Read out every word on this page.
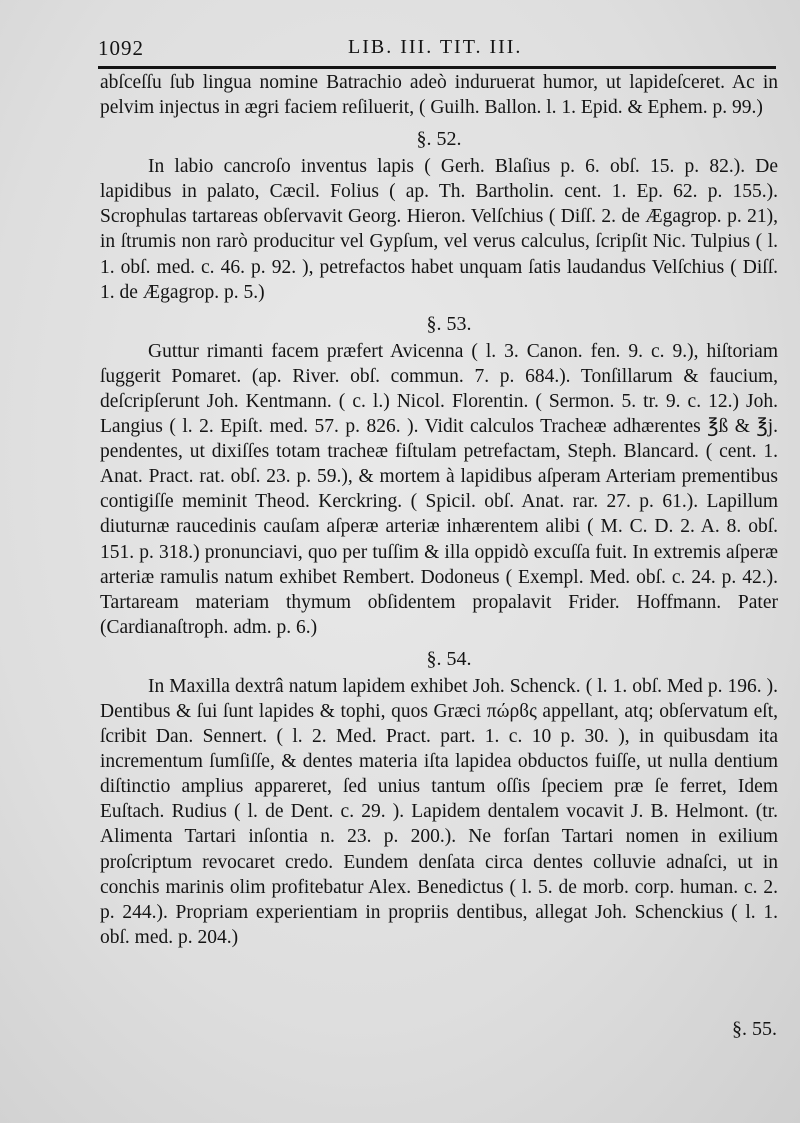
1092	LIB. III. TIT. III.

abſceſſu ſub lingua nomine Batrachio adeò induruerat humor, ut lapideſceret. Ac in pelvim injectus in ægri faciem reſiluerit, ( Guilh. Ballon. l. 1. Epid. & Ephem. p. 99.)

§. 52.

In labio cancroſo inventus lapis ( Gerh. Blaſius p. 6. obſ. 15. p. 82.). De lapidibus in palato, Cæcil. Folius ( ap. Th. Bartholin. cent. 1. Ep. 62. p. 155.). Scrophulas tartareas obſervavit Georg. Hieron. Velſchius ( Diſſ. 2. de Ægagrop. p. 21), in ſtrumis non rarò producitur vel Gypſum, vel verus calculus, ſcripſit Nic. Tulpius ( l. 1. obſ. med. c. 46. p. 92. ), petrefactos habet unquam ſatis laudandus Velſchius ( Diſſ. 1. de Ægagrop. p. 5.)

§. 53.

Guttur rimanti facem præfert Avicenna ( l. 3. Canon. fen. 9. c. 9.), hiſtoriam ſuggerit Pomaret. (ap. River. obſ. commun. 7. p. 684.). Tonſillarum & faucium, deſcripſerunt Joh. Kentmann. ( c. l.) Nicol. Florentin. ( Sermon. 5. tr. 9. c. 12.) Joh. Langius ( l. 2. Epiſt. med. 57. p. 826. ). Vidit calculos Tracheæ adhærentes ℥ß & ℥j. pendentes, ut dixiſſes totam tracheæ fiſtulam petrefactam, Steph. Blancard. ( cent. 1. Anat. Pract. rat. obſ. 23. p. 59.), & mortem à lapidibus aſperam Arteriam prementibus contigiſſe meminit Theod. Kerckring. ( Spicil. obſ. Anat. rar. 27. p. 61.). Lapillum diuturnæ raucedinis cauſam aſperæ arteriæ inhærentem alibi ( M. C. D. 2. A. 8. obſ. 151. p. 318.) pronunciavi, quo per tuſſim & illa oppidò excuſſa fuit. In extremis aſperæ arteriæ ramulis natum exhibet Rembert. Dodoneus ( Exempl. Med. obſ. c. 24. p. 42.). Tartaream materiam thymum obſidentem propalavit Frider. Hoffmann. Pater (Cardianaſtroph. adm. p. 6.)

§. 54.

In Maxilla dextrâ natum lapidem exhibet Joh. Schenck. ( l. 1. obſ. Med p. 196. ). Dentibus & ſui ſunt lapides & tophi, quos Græci πώρϐς appellant, atq; obſervatum eſt, ſcribit Dan. Sennert. ( l. 2. Med. Pract. part. 1. c. 10 p. 30. ), in quibusdam ita incrementum ſumſiſſe, & dentes materia iſta lapidea obductos fuiſſe, ut nulla dentium diſtinctio amplius appareret, ſed unius tantum oſſis ſpeciem præ ſe ferret, Idem Euſtach. Rudius ( l. de Dent. c. 29. ). Lapidem dentalem vocavit J. B. Helmont. (tr. Alimenta Tartari inſontia n. 23. p. 200.). Ne forſan Tartari nomen in exilium proſcriptum revocaret credo. Eundem denſata circa dentes colluvie adnaſci, ut in conchis marinis olim profitebatur Alex. Benedictus ( l. 5. de morb. corp. human. c. 2. p. 244.). Propriam experientiam in propriis dentibus, allegat Joh. Schenckius ( l. 1. obſ. med. p. 204.)

§. 55.
